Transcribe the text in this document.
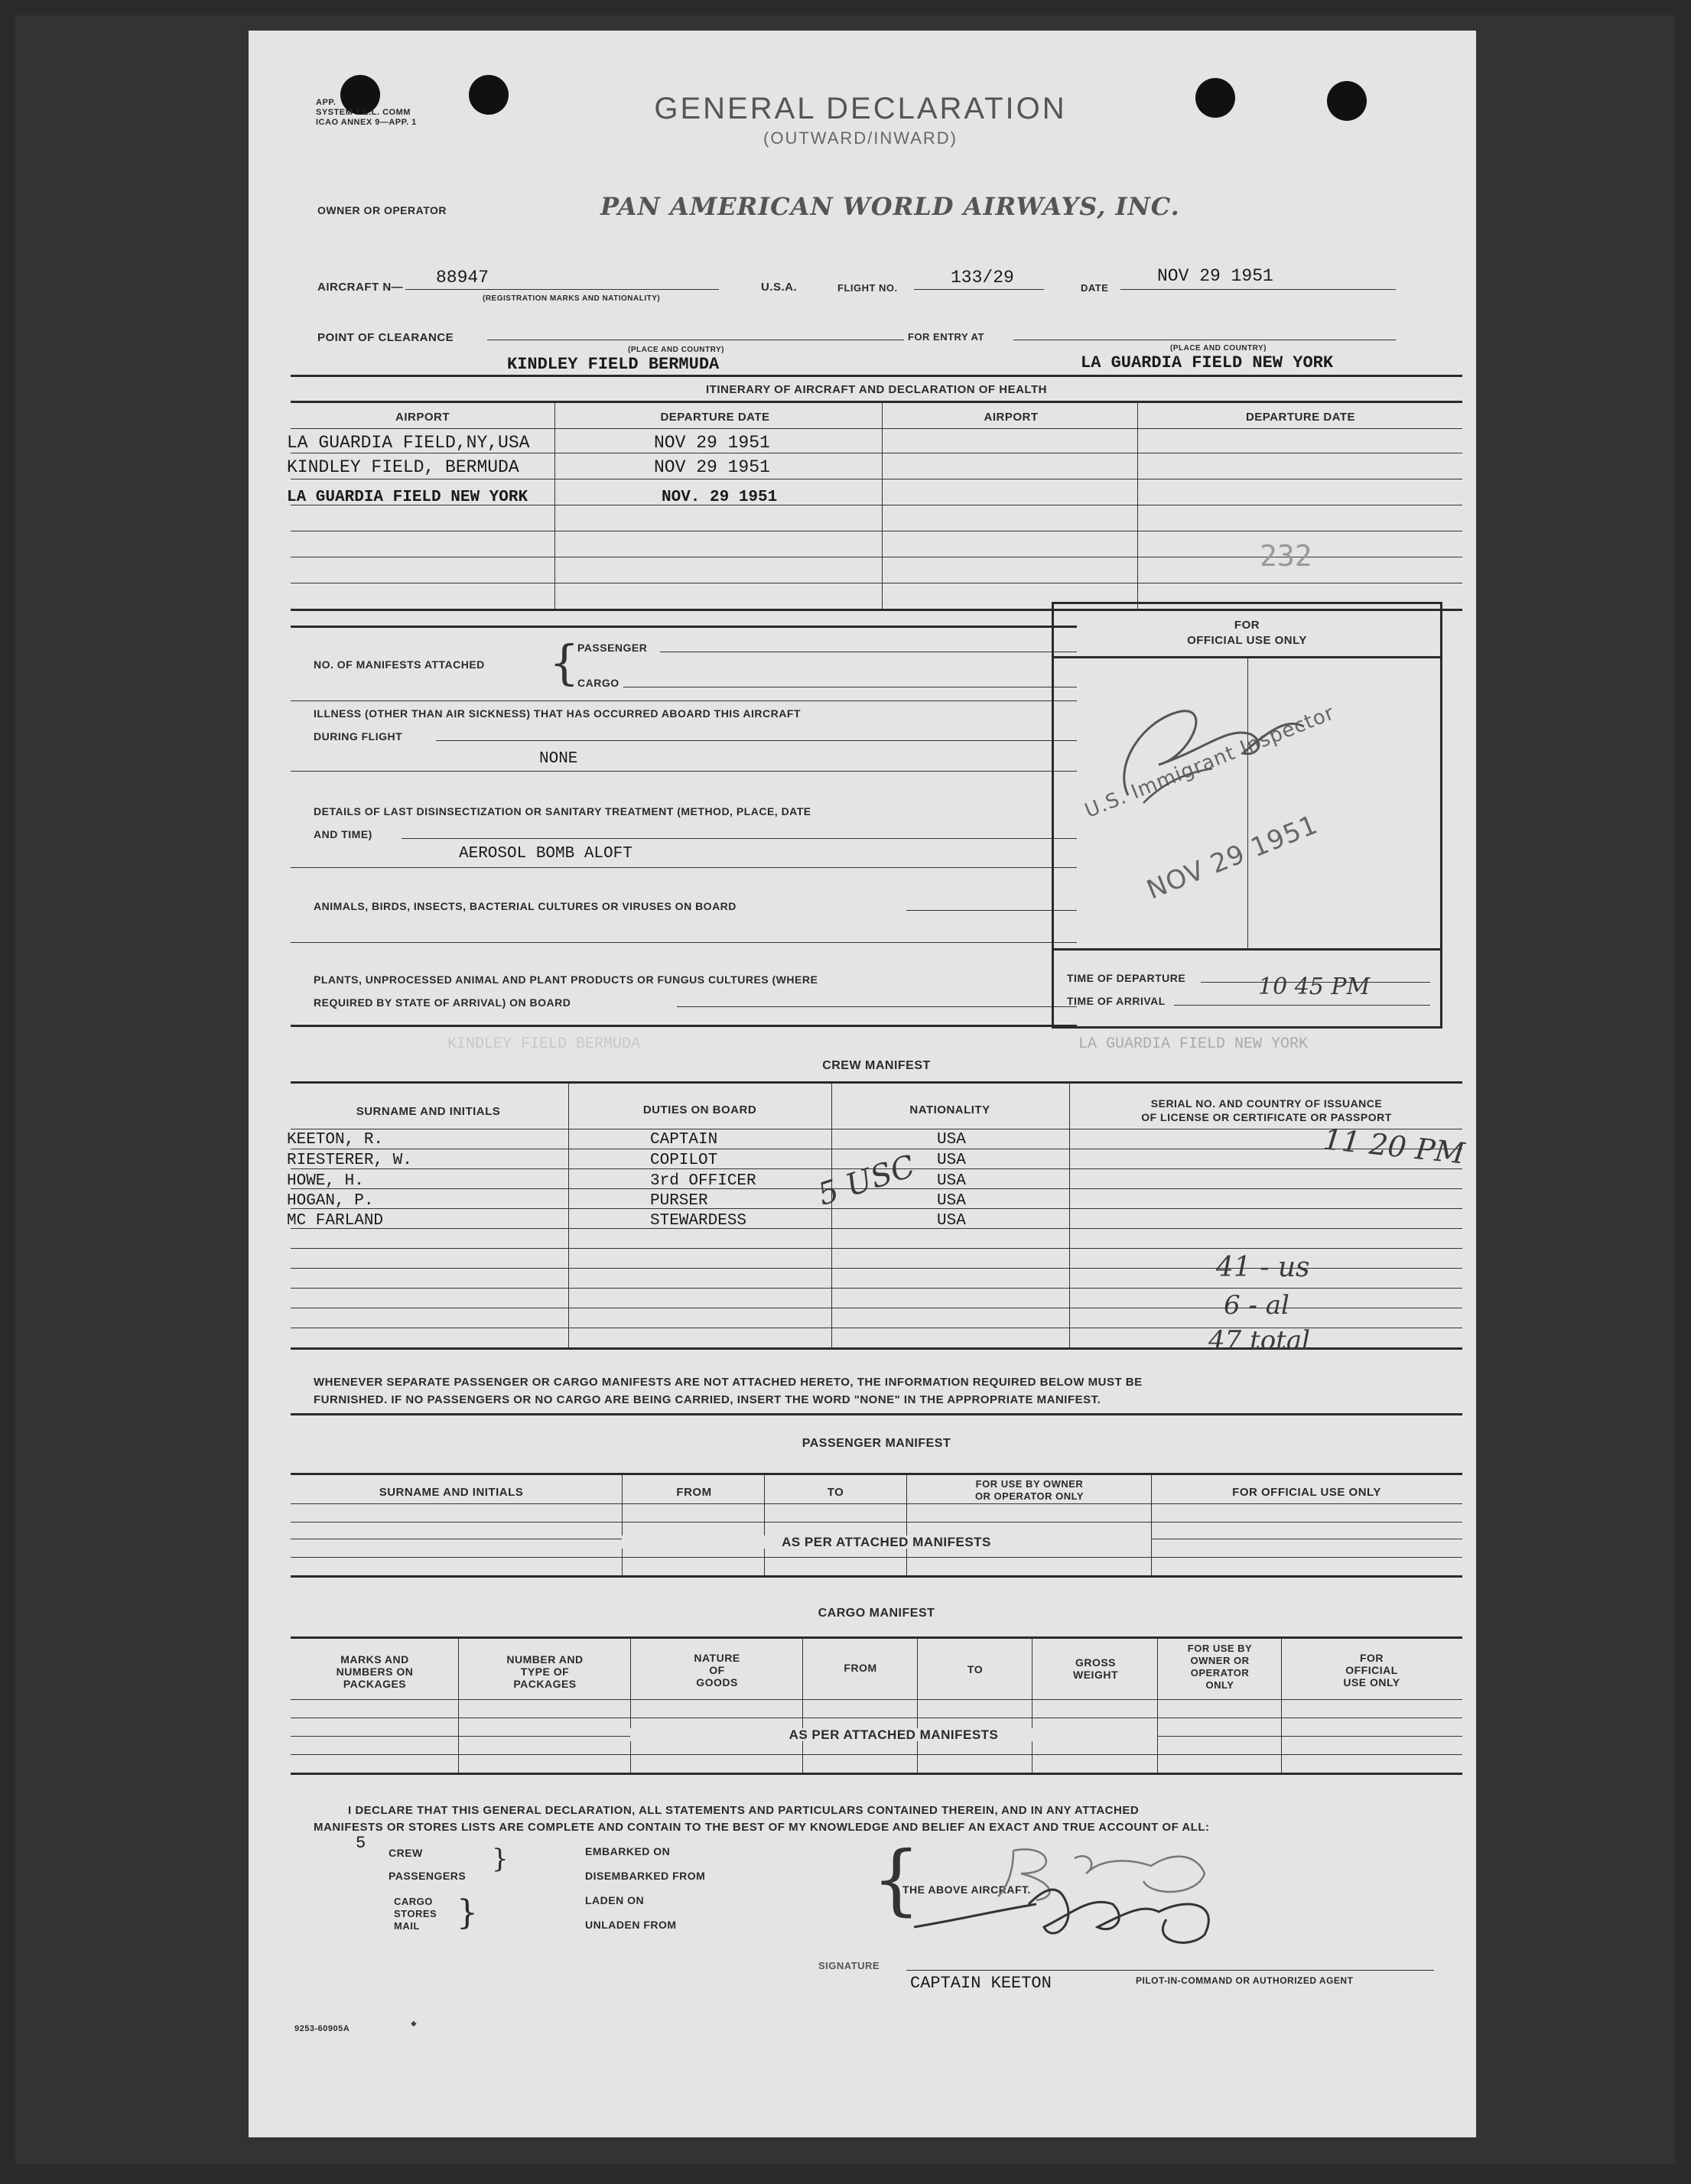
APP.
SYSTEM 1 L.L. COMM
ICAO ANNEX 9—APP. 1	GENERAL DECLARATION
(OUTWARD/INWARD)
OWNER OR OPERATOR	PAN AMERICAN WORLD AIRWAYS, INC.
AIRCRAFT N— 88947
(REGISTRATION MARKS AND NATIONALITY)
U.S.A.	FLIGHT NO.
133/29
DATE
NOV 29 1951
POINT OF CLEARANCE	FOR ENTRY AT
(PLACE AND COUNTRY)	(PLACE AND COUNTRY)
KINDLEY FIELD BERMUDA	LA GUARDIA FIELD NEW YORK
ITINERARY OF AIRCRAFT AND DECLARATION OF HEALTH
AIRPORT	DEPARTURE DATE	AIRPORT	DEPARTURE DATE
LA GUARDIA FIELD,NY,USA	NOV 29 1951
KINDLEY FIELD, BERMUDA	NOV 29 1951
LA GUARDIA FIELD NEW YORK	NOV. 29 1951
232
NO. OF MANIFESTS ATTACHED {
PASSENGER
CARGO
ILLNESS (OTHER THAN AIR SICKNESS) THAT HAS OCCURRED ABOARD THIS AIRCRAFT
DURING FLIGHT
NONE
DETAILS OF LAST DISINSECTIZATION OR SANITARY TREATMENT (METHOD, PLACE, DATE
AND TIME)
AEROSOL BOMB ALOFT
ANIMALS, BIRDS, INSECTS, BACTERIAL CULTURES OR VIRUSES ON BOARD
PLANTS, UNPROCESSED ANIMAL AND PLANT PRODUCTS OR FUNGUS CULTURES (WHERE
REQUIRED BY STATE OF ARRIVAL) ON BOARD
FOR
OFFICIAL USE ONLY
U.S. Immigrant Inspector
NOV 29 1951
TIME OF DEPARTURE
TIME OF ARRIVAL
10 45 PM
KINDLEY FIELD BERMUDA	LA GUARDIA FIELD NEW YORK
CREW MANIFEST
SURNAME AND INITIALS	DUTIES ON BOARD	NATIONALITY	SERIAL NO. AND COUNTRY OF ISSUANCE
OF LICENSE OR CERTIFICATE OR PASSPORT
KEETON, R.	CAPTAIN	USA
RIESTERER, W.	COPILOT	USA
HOWE, H.	3rd OFFICER	USA
HOGAN, P.	PURSER	USA
MC FARLAND	STEWARDESS	USA
5 USC
11 20 PM
41 - us
6 - al
47 total
WHENEVER SEPARATE PASSENGER OR CARGO MANIFESTS ARE NOT ATTACHED HERETO, THE INFORMATION REQUIRED BELOW MUST BE
FURNISHED. IF NO PASSENGERS OR NO CARGO ARE BEING CARRIED, INSERT THE WORD "NONE" IN THE APPROPRIATE MANIFEST.
PASSENGER MANIFEST
SURNAME AND INITIALS	FROM	TO
FOR USE BY OWNER
OR OPERATOR ONLY	FOR OFFICIAL USE ONLY
AS PER ATTACHED MANIFESTS
CARGO MANIFEST
MARKS AND
NUMBERS ON
PACKAGES
NUMBER AND
TYPE OF
PACKAGES
NATURE
OF
GOODS
FROM	TO
GROSS
WEIGHT
FOR USE BY
OWNER OR
OPERATOR
ONLY
FOR
OFFICIAL
USE ONLY
AS PER ATTACHED MANIFESTS
I DECLARE THAT THIS GENERAL DECLARATION, ALL STATEMENTS AND PARTICULARS CONTAINED THEREIN, AND IN ANY ATTACHED
MANIFESTS OR STORES LISTS ARE COMPLETE AND CONTAIN TO THE BEST OF MY KNOWLEDGE AND BELIEF AN EXACT AND TRUE ACCOUNT OF ALL:
5 CREW
PASSENGERS
}
CARGO
STORES
MAIL }
EMBARKED ON
DISEMBARKED FROM
LADEN ON
UNLADEN FROM
{
THE ABOVE AIRCRAFT.
SIGNATURE
CAPTAIN KEETON	PILOT-IN-COMMAND OR AUTHORIZED AGENT
9253-60905A
◆
